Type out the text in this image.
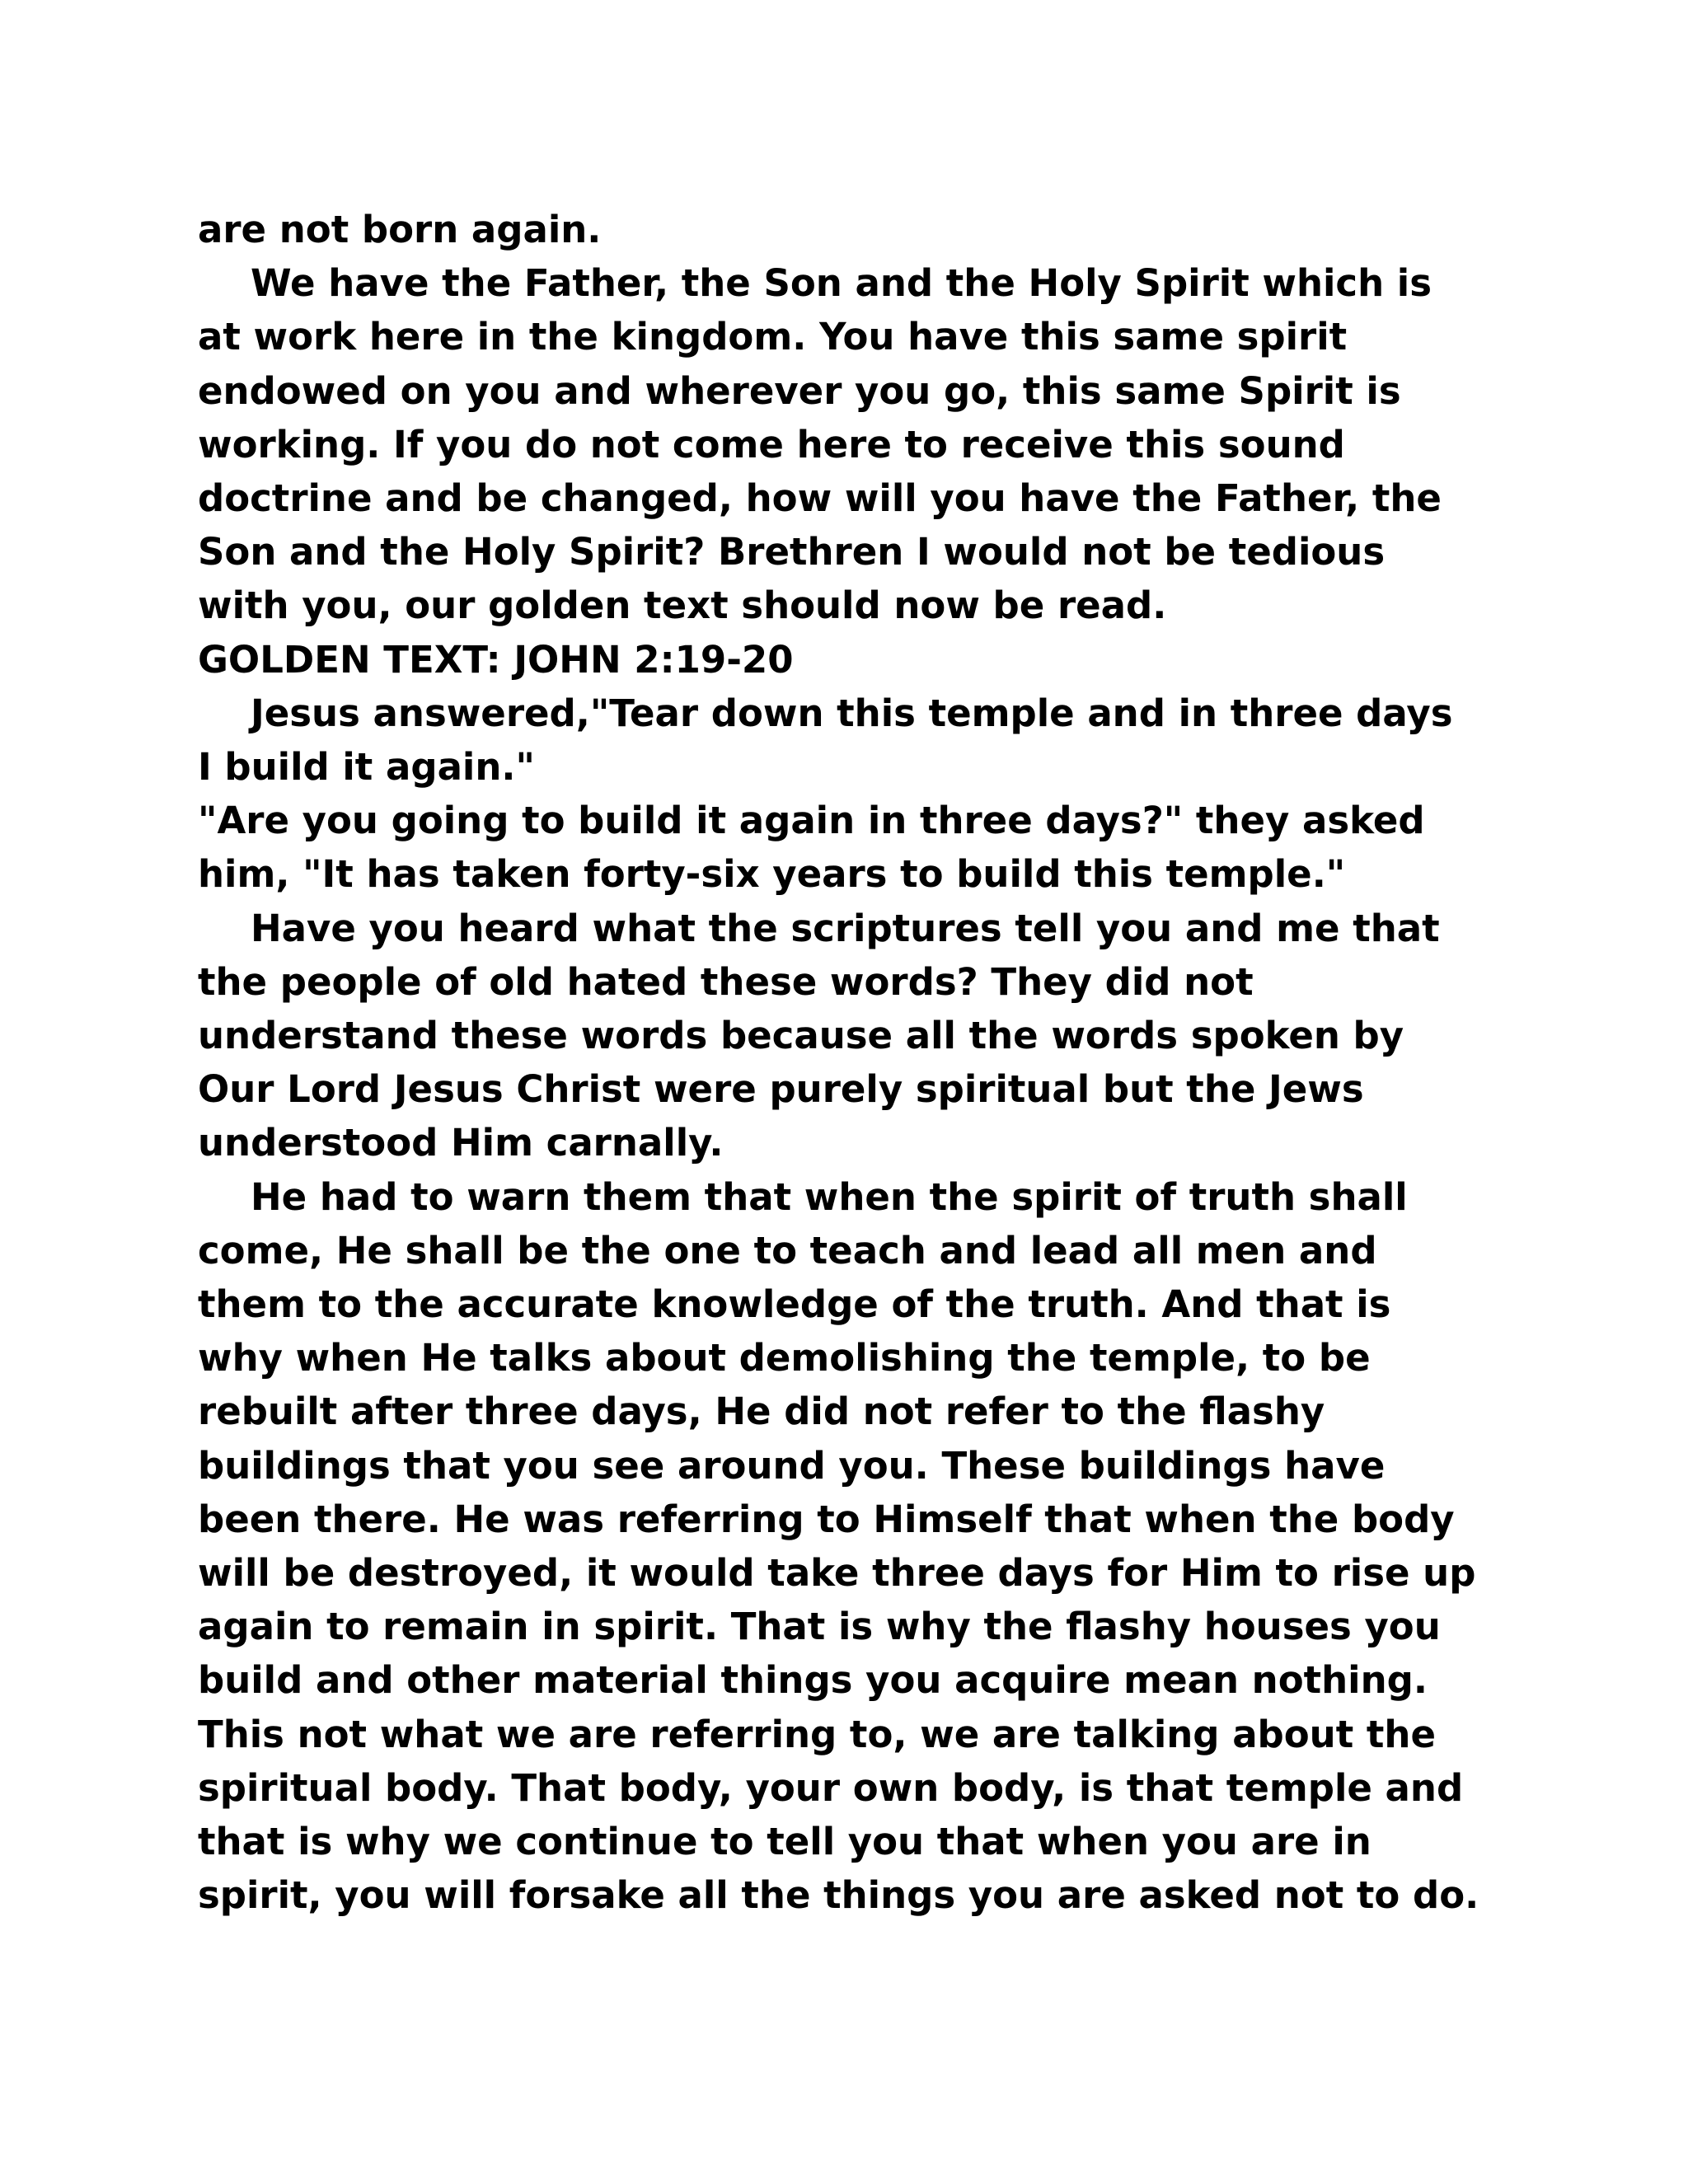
are not born again.

We have the Father, the Son and the Holy Spirit which is

at work here in the kingdom. You have this same spirit

endowed on you and wherever you go, this same Spirit is

working. If you do not come here to receive this sound

doctrine and be changed, how will you have the Father, the

Son and the Holy Spirit? Brethren I would not be tedious

with you, our golden text should now be read.

GOLDEN TEXT: JOHN 2:19-20

Jesus answered,"Tear down this temple and in three days

I build it again."

"Are you going to build it again in three days?" they asked

him, "It has taken forty-six years to build this temple."

Have you heard what the scriptures tell you and me that

the people of old hated these words? They did not

understand these words because all the words spoken by

Our Lord Jesus Christ were purely spiritual but the Jews

understood Him carnally.

He had to warn them that when the spirit of truth shall

come, He shall be the one to teach and lead all men and

them to the accurate knowledge of the truth. And that is

why when He talks about demolishing the temple, to be

rebuilt after three days, He did not refer to the flashy

buildings that you see around you. These buildings have

been there. He was referring to Himself that when the body

will be destroyed, it would take three days for Him to rise up

again to remain in spirit. That is why the flashy houses you

build and other material things you acquire mean nothing.

This not what we are referring to, we are talking about the

spiritual body. That body, your own body, is that temple and

that is why we continue to tell you that when you are in

spirit, you will forsake all the things you are asked not to do.
